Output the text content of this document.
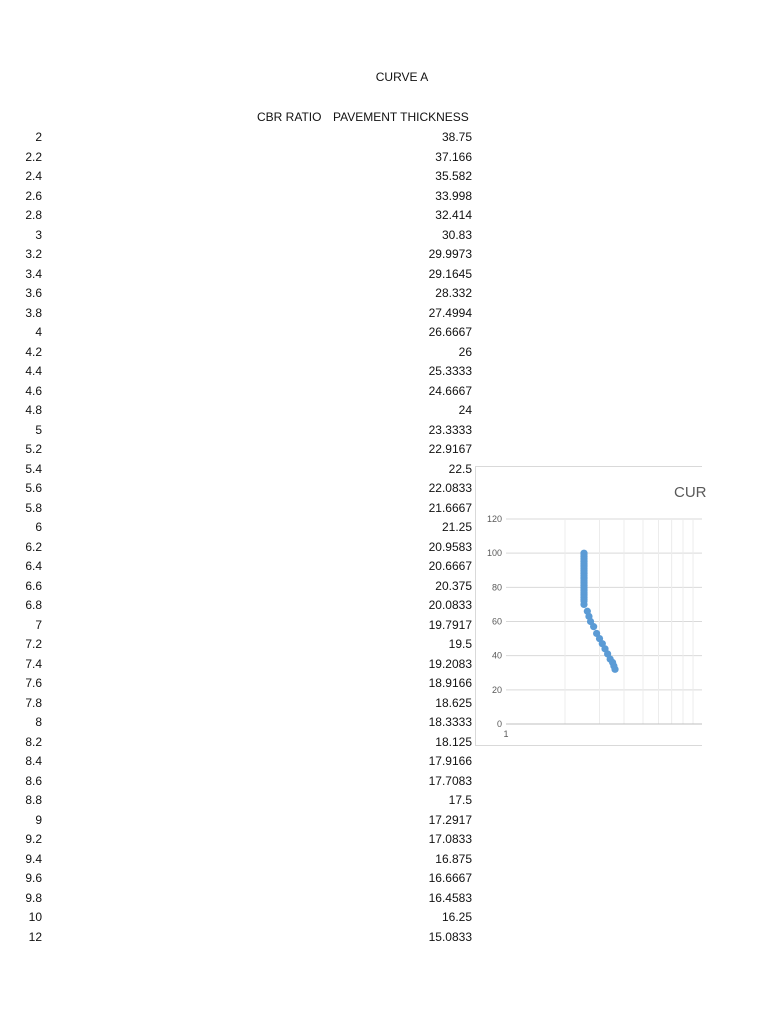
CURVE A
CBR RATIO PAVEMENT THICKNESS
2	38.75
2.2	37.166
2.4	35.582
2.6	33.998
2.8	32.414
3	30.83
3.2	29.9973
3.4	29.1645
3.6	28.332
3.8	27.4994
4	26.6667
4.2	26
4.4	25.3333
4.6	24.6667
4.8	24
5	23.3333
5.2	22.9167
5.4	22.5
5.6	22.0833
5.8	21.6667
6	21.25
6.2	20.9583
6.4	20.6667
6.6	20.375
6.8	20.0833
7	19.7917
7.2	19.5
7.4	19.2083
7.6	18.9166
7.8	18.625
8	18.3333
8.2	18.125
8.4	17.9166
8.6	17.7083
8.8	17.5
9	17.2917
9.2	17.0833
9.4	16.875
9.6	16.6667
9.8	16.4583
10	16.25
12	15.0833
CUR
0
20
40
60
80
100
120
1
